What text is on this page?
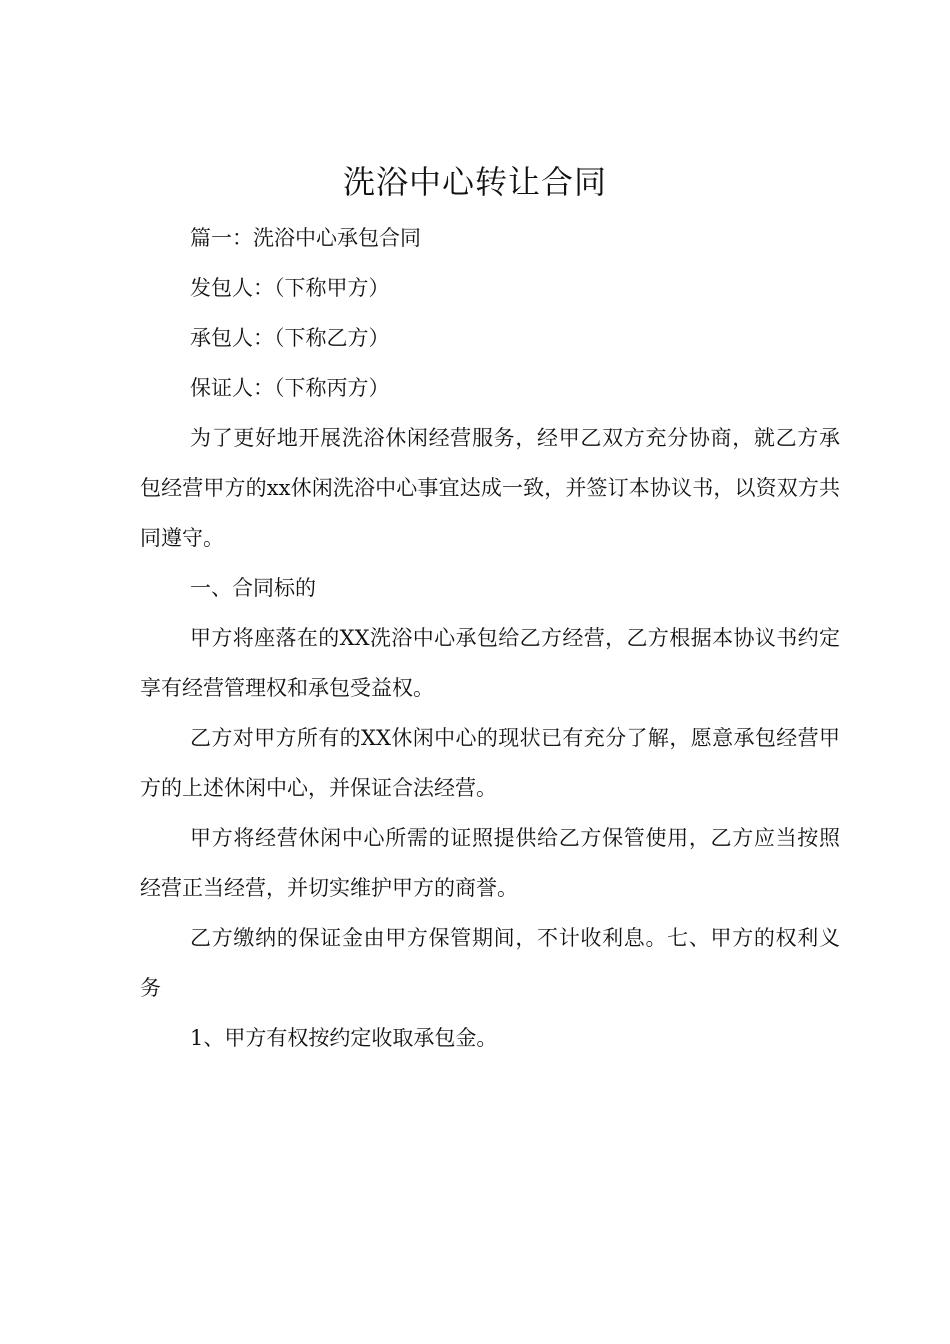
洗浴中心转让合同

篇一：洗浴中心承包合同

发包人：（下称甲方）

承包人：（下称乙方）

保证人：（下称丙方）

为了更好地开展洗浴休闲经营服务，经甲乙双方充分协商，就乙方承包经营甲方的xx休闲洗浴中心事宜达成一致，并签订本协议书，以资双方共同遵守。

一、合同标的

甲方将座落在的XX洗浴中心承包给乙方经营，乙方根据本协议书约定享有经营管理权和承包受益权。

乙方对甲方所有的XX休闲中心的现状已有充分了解，愿意承包经营甲方的上述休闲中心，并保证合法经营。

甲方将经营休闲中心所需的证照提供给乙方保管使用，乙方应当按照经营正当经营，并切实维护甲方的商誉。

乙方缴纳的保证金由甲方保管期间，不计收利息。七、甲方的权利义务

1、甲方有权按约定收取承包金。
